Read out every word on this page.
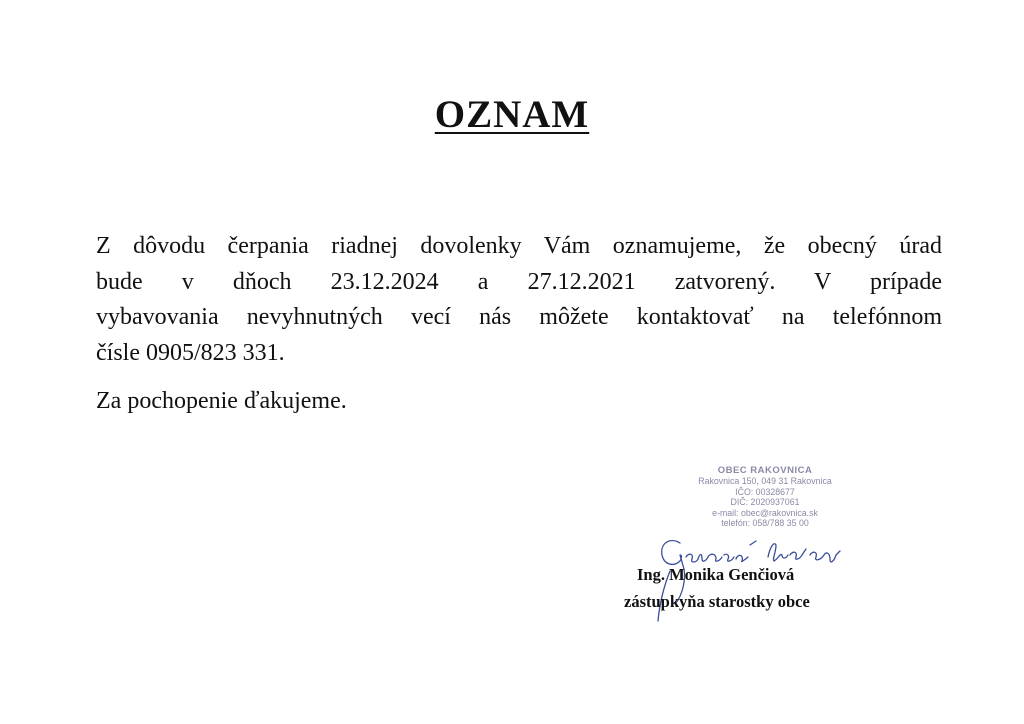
OZNAM

Z dôvodu čerpania riadnej dovolenky Vám oznamujeme, že obecný úrad
bude v dňoch 23.12.2024 a 27.12.2021 zatvorený. V prípade
vybavovania nevyhnutných vecí nás môžete kontaktovať na telefónnom
čísle 0905/823 331.

Za pochopenie ďakujeme.

OBEC RAKOVNICA
Rakovnica 150, 049 31 Rakovnica
IČO: 00328677
DIČ: 2020937061
e-mail: obec@rakovnica.sk
telefón: 058/788 35 00
Ing. Monika Genčiová
zástupkyňa starostky obce
